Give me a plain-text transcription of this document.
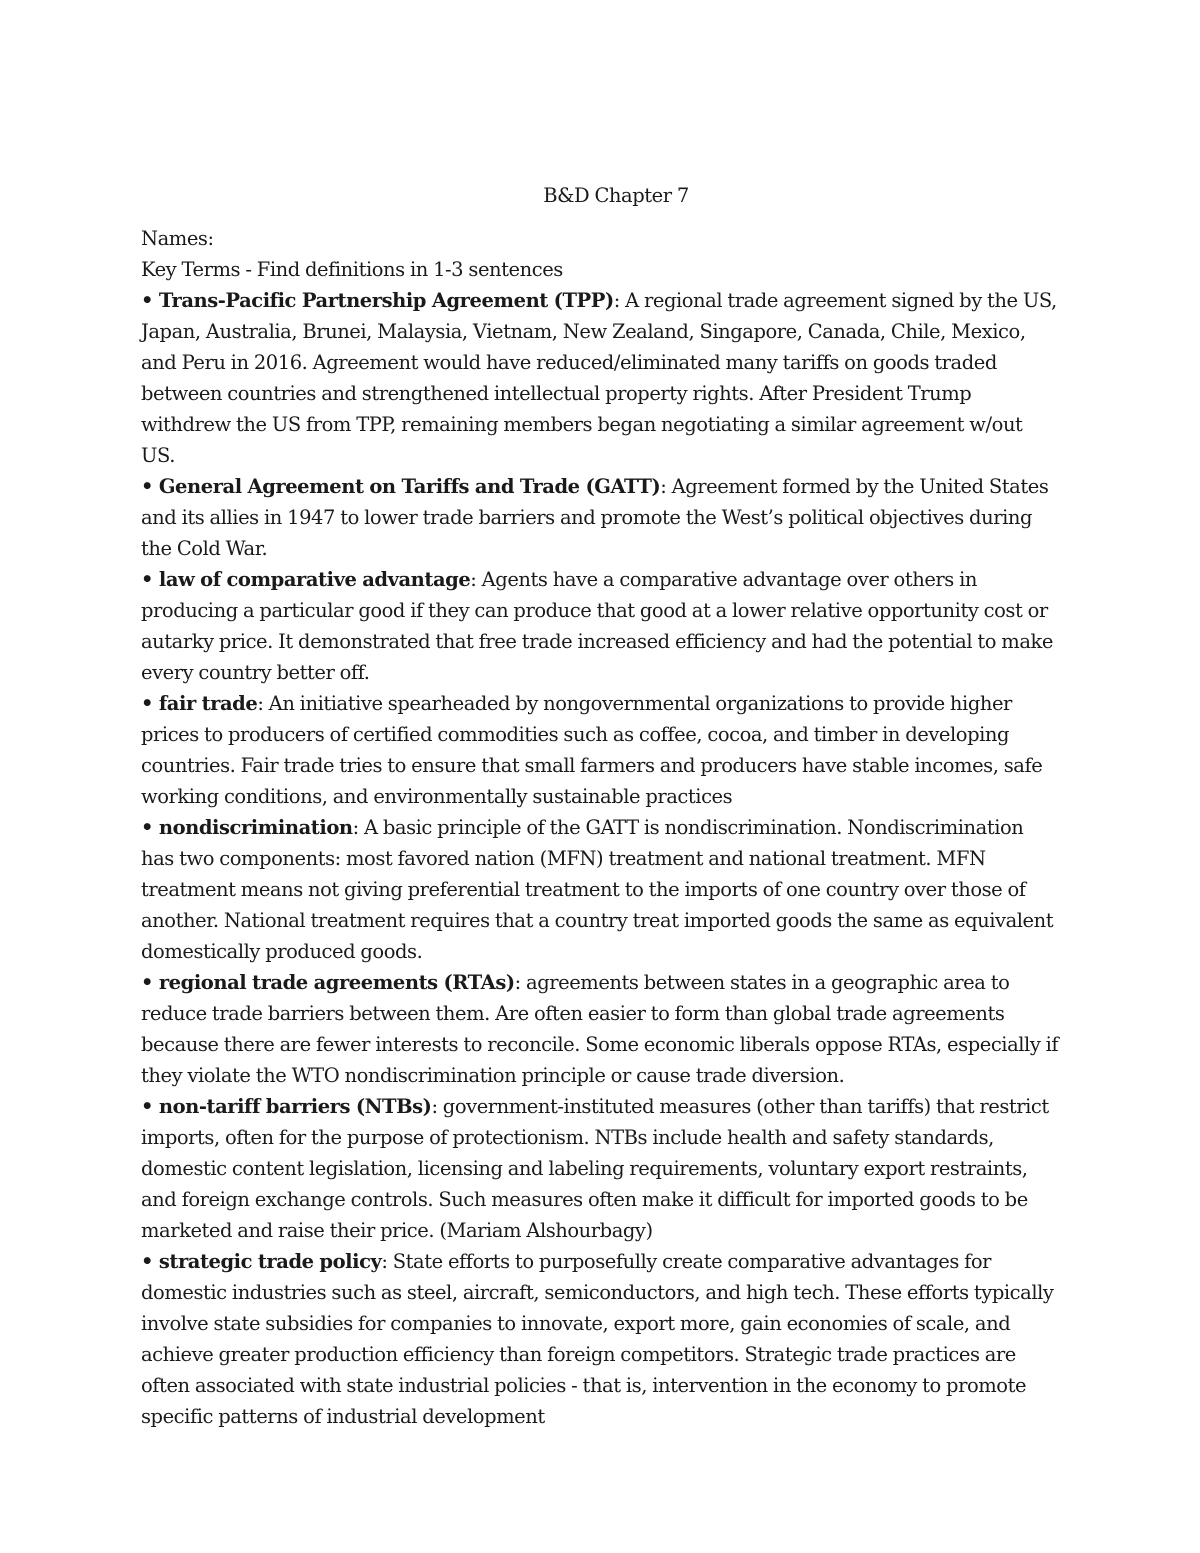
B&D Chapter 7
Names:
Key Terms - Find definitions in 1-3 sentences
• Trans-Pacific Partnership Agreement (TPP): A regional trade agreement signed by the US, Japan, Australia, Brunei, Malaysia, Vietnam, New Zealand, Singapore, Canada, Chile, Mexico, and Peru in 2016. Agreement would have reduced/eliminated many tariffs on goods traded between countries and strengthened intellectual property rights. After President Trump withdrew the US from TPP, remaining members began negotiating a similar agreement w/out US.
• General Agreement on Tariffs and Trade (GATT): Agreement formed by the United States and its allies in 1947 to lower trade barriers and promote the West’s political objectives during the Cold War.
• law of comparative advantage: Agents have a comparative advantage over others in producing a particular good if they can produce that good at a lower relative opportunity cost or autarky price. It demonstrated that free trade increased efficiency and had the potential to make every country better off.
• fair trade: An initiative spearheaded by nongovernmental organizations to provide higher prices to producers of certified commodities such as coffee, cocoa, and timber in developing countries. Fair trade tries to ensure that small farmers and producers have stable incomes, safe working conditions, and environmentally sustainable practices
• nondiscrimination: A basic principle of the GATT is nondiscrimination. Nondiscrimination has two components: most favored nation (MFN) treatment and national treatment. MFN treatment means not giving preferential treatment to the imports of one country over those of another. National treatment requires that a country treat imported goods the same as equivalent domestically produced goods.
• regional trade agreements (RTAs): agreements between states in a geographic area to reduce trade barriers between them. Are often easier to form than global trade agreements because there are fewer interests to reconcile. Some economic liberals oppose RTAs, especially if they violate the WTO nondiscrimination principle or cause trade diversion.
• non-tariff barriers (NTBs): government-instituted measures (other than tariffs) that restrict imports, often for the purpose of protectionism. NTBs include health and safety standards, domestic content legislation, licensing and labeling requirements, voluntary export restraints, and foreign exchange controls. Such measures often make it difficult for imported goods to be marketed and raise their price. (Mariam Alshourbagy)
• strategic trade policy: State efforts to purposefully create comparative advantages for domestic industries such as steel, aircraft, semiconductors, and high tech. These efforts typically involve state subsidies for companies to innovate, export more, gain economies of scale, and achieve greater production efficiency than foreign competitors. Strategic trade practices are often associated with state industrial policies - that is, intervention in the economy to promote specific patterns of industrial development
